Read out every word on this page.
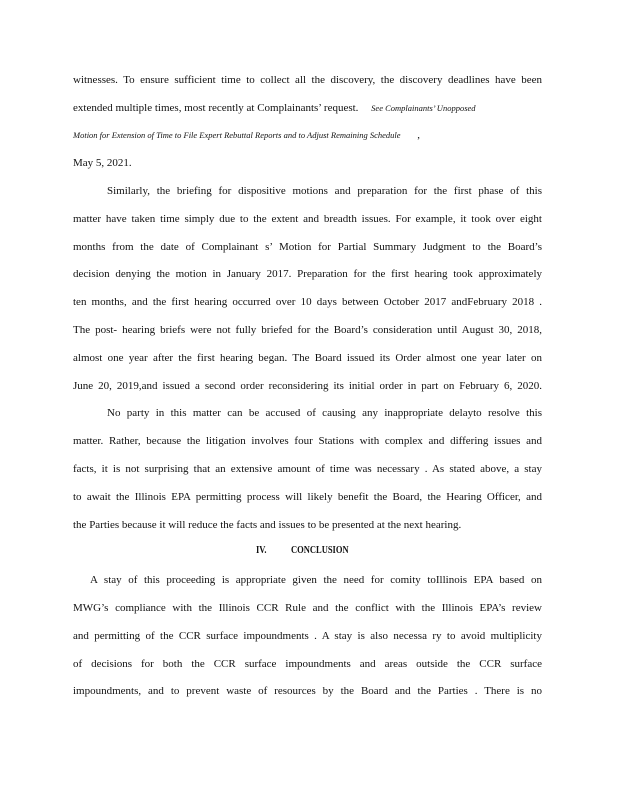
witnesses. To ensure sufficient time to collect all the discovery, the discovery deadlines have been
extended multiple times, most recently at Complainants’ request. See Complainants’ Unopposed
Motion for Extension of Time to File Expert Rebuttal Reports and to Adjust Remaining Schedule ,
May 5, 2021.
Similarly, the briefing for dispositive motions and preparation for the first phase of this
matter have taken time simply due to the extent and breadth issues. For example, it took over eight
months from the date of Complainant s’ Motion for Partial Summary Judgment to the Board’s
decision denying the motion in January 2017. Preparation for the first hearing took approximately
ten months, and the first hearing occurred over 10 days between October 2017 andFebruary 2018 .
The post- hearing briefs were not fully briefed for the Board’s consideration until August 30, 2018,
almost one year after the first hearing began. The Board issued its Order almost one year later on
June 20, 2019,and issued a second order reconsidering its initial order in part on February 6, 2020.
No party in this matter can be accused of causing any inappropriate delayto resolve this
matter. Rather, because the litigation involves four Stations with complex and differing issues and
facts, it is not surprising that an extensive amount of time was necessary . As stated above, a stay
to await the Illinois EPA permitting process will likely benefit the Board, the Hearing Officer, and
the Parties because it will reduce the facts and issues to be presented at the next hearing.
IV. CONCLUSION
A stay of this proceeding is appropriate given the need for comity toIllinois EPA based on
MWG’s compliance with the Illinois CCR Rule and the conflict with the Illinois EPA’s review
and permitting of the CCR surface impoundments . A stay is also necessa ry to avoid multiplicity
of decisions for both the CCR surface impoundments and areas outside the CCR surface
impoundments, and to prevent waste of resources by the Board and the Parties . There is no
